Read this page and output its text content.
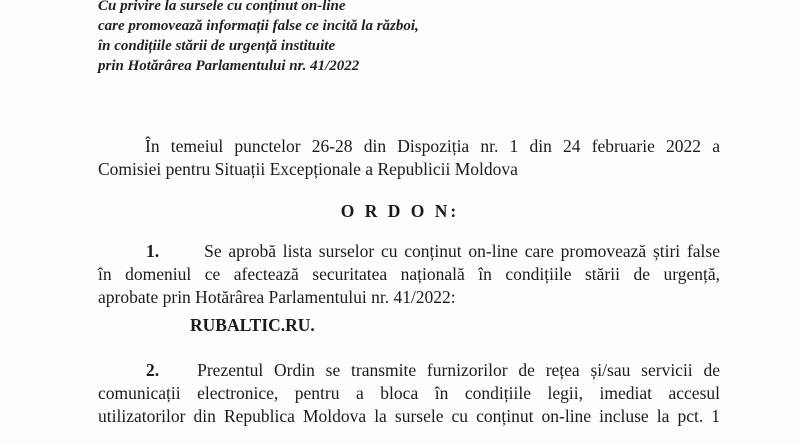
Cu privire la sursele cu conținut on-line
care promovează informații false ce incită la război,
în condițiile stării de urgență instituite
prin Hotărârea Parlamentului nr. 41/2022
În temeiul punctelor 26-28 din Dispoziția nr. 1 din 24 februarie 2022 a
Comisiei pentru Situații Excepționale a Republicii Moldova
O R D O N:
1.	Se aprobă lista surselor cu conținut on-line care promovează știri false
în domeniul ce afectează securitatea națională în condițiile stării de urgență,
aprobate prin Hotărârea Parlamentului nr. 41/2022:
RUBALTIC.RU.
2. Prezentul Ordin se transmite furnizorilor de rețea și/sau servicii de
comunicații electronice, pentru a bloca în condițiile legii, imediat accesul
utilizatorilor din Republica Moldova la sursele cu conținut on-line incluse la pct. 1
